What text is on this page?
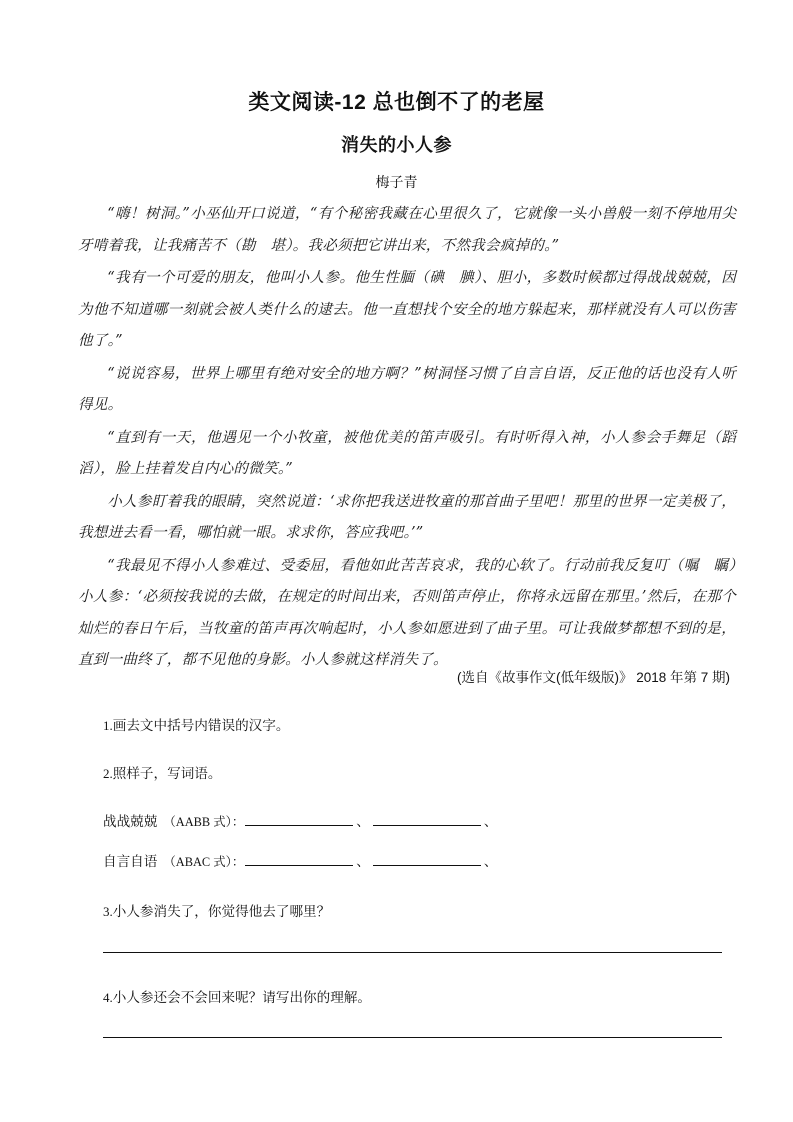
类文阅读-12 总也倒不了的老屋
消失的小人参
梅子青

“嗨！树洞。”小巫仙开口说道，“有个秘密我藏在心里很久了，它就像一头小兽般一刻不停地用尖牙啃着我，让我痛苦不（勘　堪）。我必须把它讲出来，不然我会疯掉的。”

“我有一个可爱的朋友，他叫小人参。他生性腼（碘　腆）、胆小，多数时候都过得战战兢兢，因为他不知道哪一刻就会被人类什么的逮去。他一直想找个安全的地方躲起来，那样就没有人可以伤害他了。”

“说说容易，世界上哪里有绝对安全的地方啊？”树洞怪习惯了自言自语，反正他的话也没有人听得见。

“直到有一天，他遇见一个小牧童，被他优美的笛声吸引。有时听得入神，小人参会手舞足（蹈　滔），脸上挂着发自内心的微笑。”

小人参盯着我的眼睛，突然说道：‘求你把我送进牧童的那首曲子里吧！那里的世界一定美极了，我想进去看一看，哪怕就一眼。求求你，答应我吧。’”

“我最见不得小人参难过、受委屈，看他如此苦苦哀求，我的心软了。行动前我反复叮（嘱　瞩）小人参：‘必须按我说的去做，在规定的时间出来，否则笛声停止，你将永远留在那里。’然后，在那个灿烂的春日午后，当牧童的笛声再次响起时，小人参如愿进到了曲子里。可让我做梦都想不到的是，直到一曲终了，都不见他的身影。小人参就这样消失了。

(选自《故事作文(低年级版)》 2018 年第 7 期)
1.画去文中括号内错误的汉字。
2.照样子，写词语。
战战兢兢 （AABB 式）：	、	、
自言自语 （ABAC 式）：	、	、
3.小人参消失了，你觉得他去了哪里？
4.小人参还会不会回来呢？请写出你的理解。
